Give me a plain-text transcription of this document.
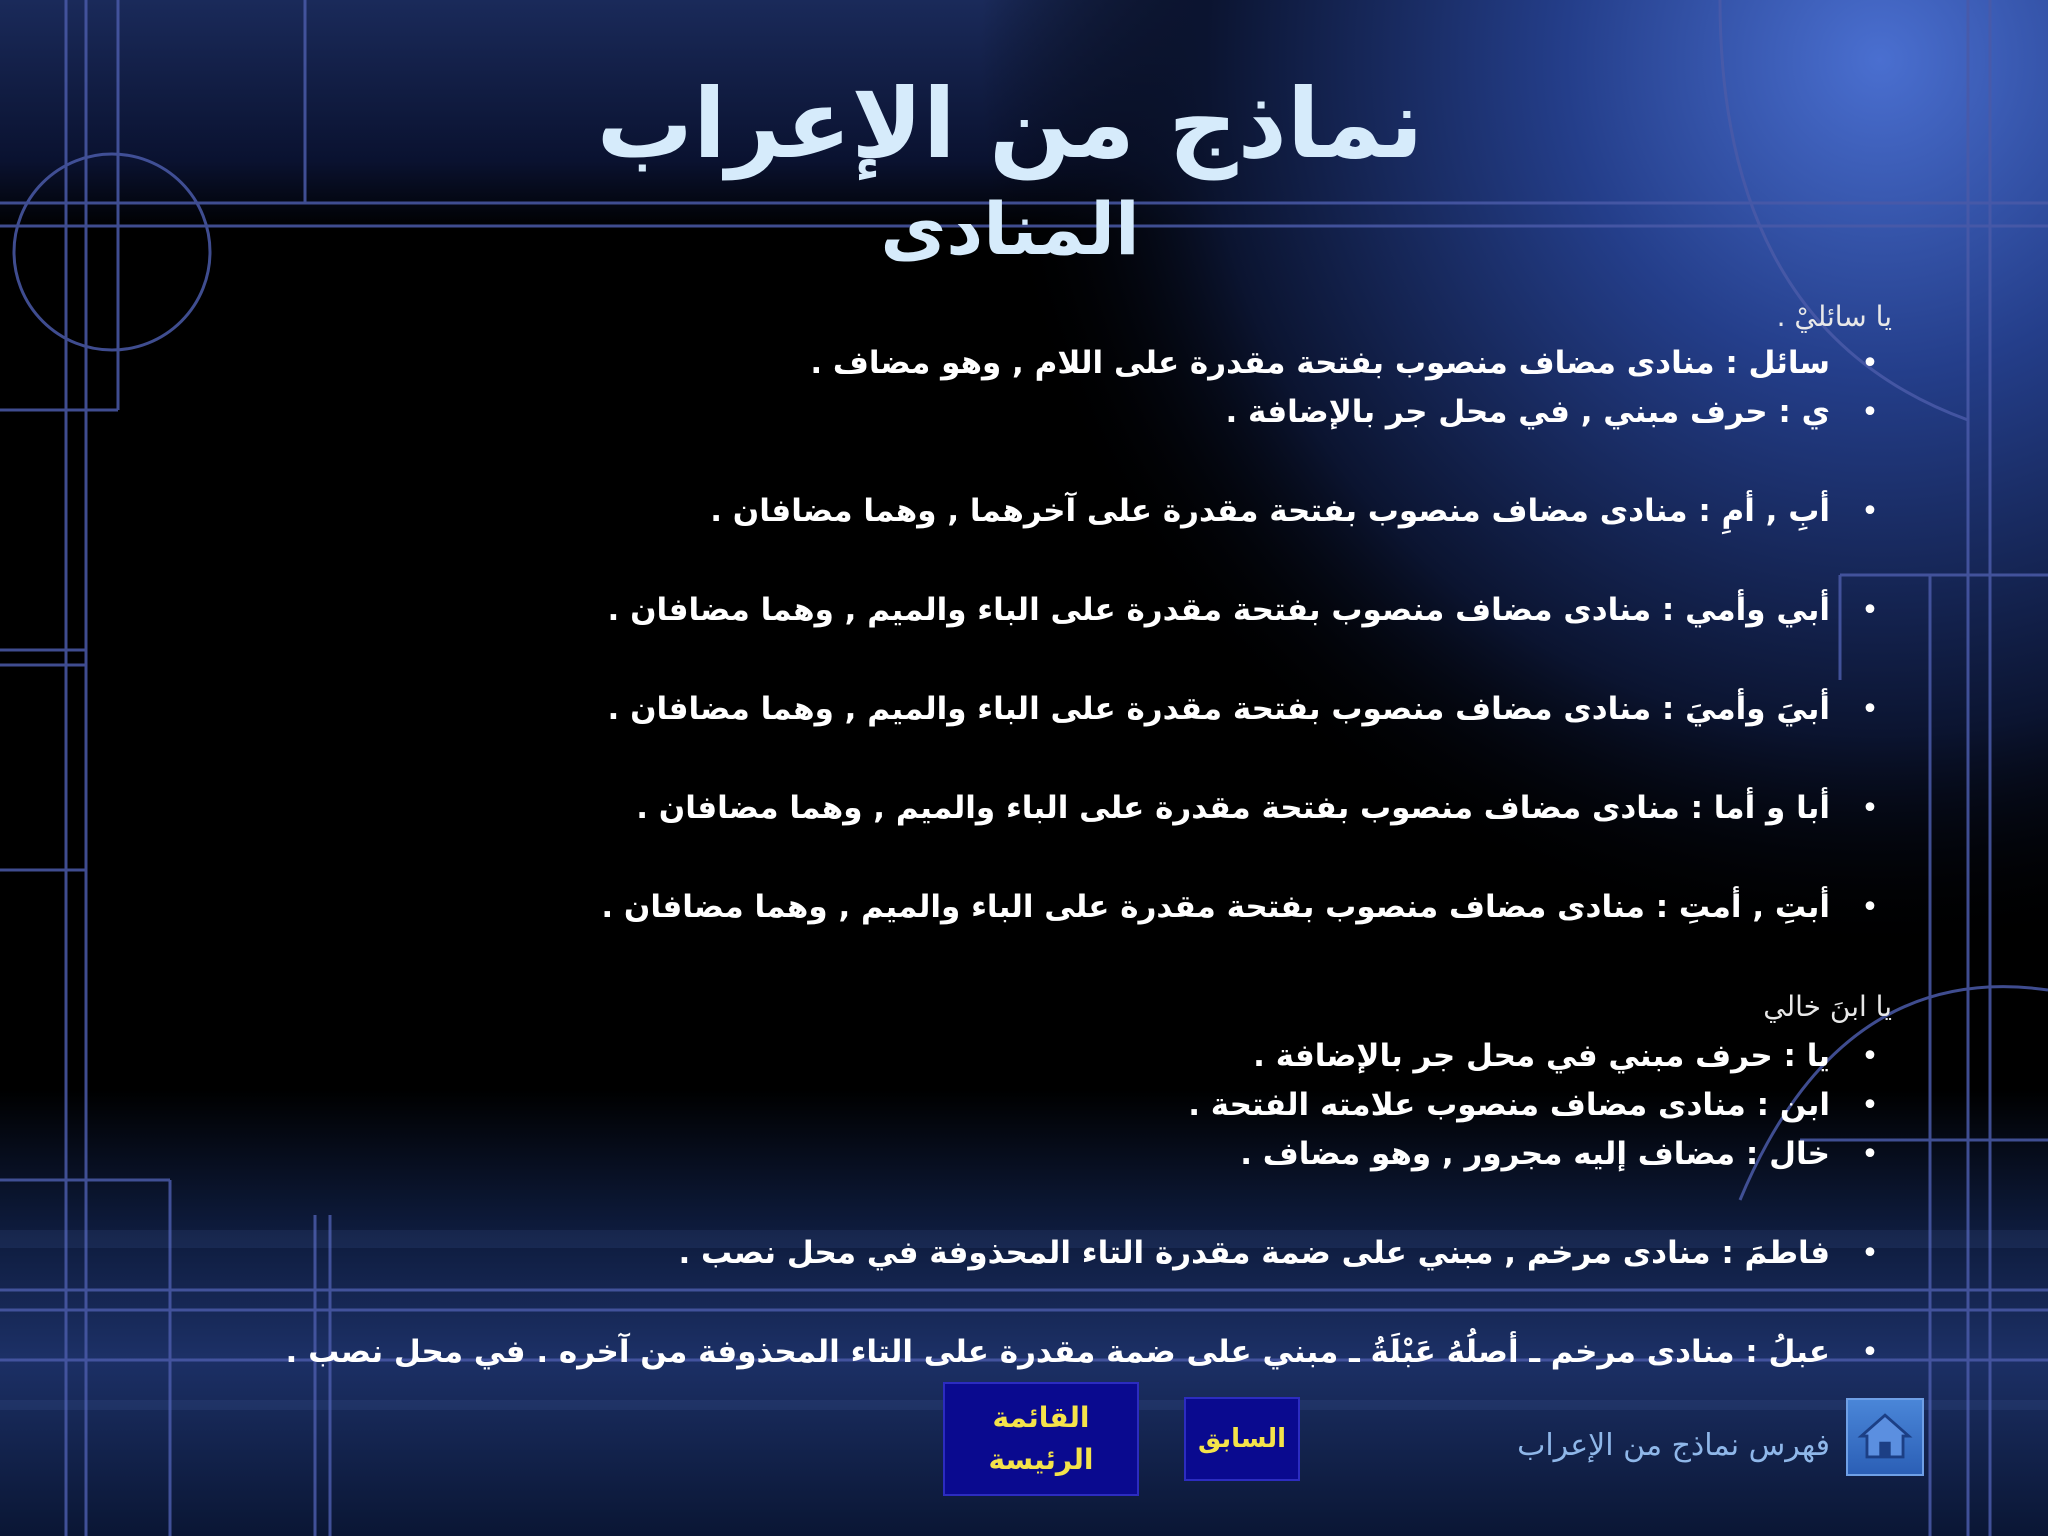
نماذج من الإعراب
المنادى
يا سائليْ .
•
سائل : منادى مضاف منصوب بفتحة مقدرة على اللام , وهو مضاف .
•
ي : حرف مبني , في محل جر بالإضافة .
•
أبِ , أمِ : منادى مضاف منصوب بفتحة مقدرة على آخرهما , وهما مضافان .
•
أبي وأمي : منادى مضاف منصوب بفتحة مقدرة على الباء والميم , وهما مضافان .
•
أبيَ وأميَ : منادى مضاف منصوب بفتحة مقدرة على الباء والميم , وهما مضافان .
•
أبا و أما : منادى مضاف منصوب بفتحة مقدرة على الباء والميم , وهما مضافان .
•
أبتِ , أمتِ : منادى مضاف منصوب بفتحة مقدرة على الباء والميم , وهما مضافان .
يا ابنَ خالي
•
يا : حرف مبني في محل جر بالإضافة .
•
ابن : منادى مضاف منصوب علامته الفتحة .
•
خال : مضاف إليه مجرور , وهو مضاف .
•
فاطمَ : منادى مرخم , مبني على ضمة مقدرة التاء المحذوفة في محل نصب .
•
عبلُ : منادى مرخم ـ أصلُهُ عَبْلَةُ ـ مبني على ضمة مقدرة على التاء المحذوفة من آخره . في محل نصب .
القائمة
الرئيسة
السابق	فهرس نماذج من الإعراب
